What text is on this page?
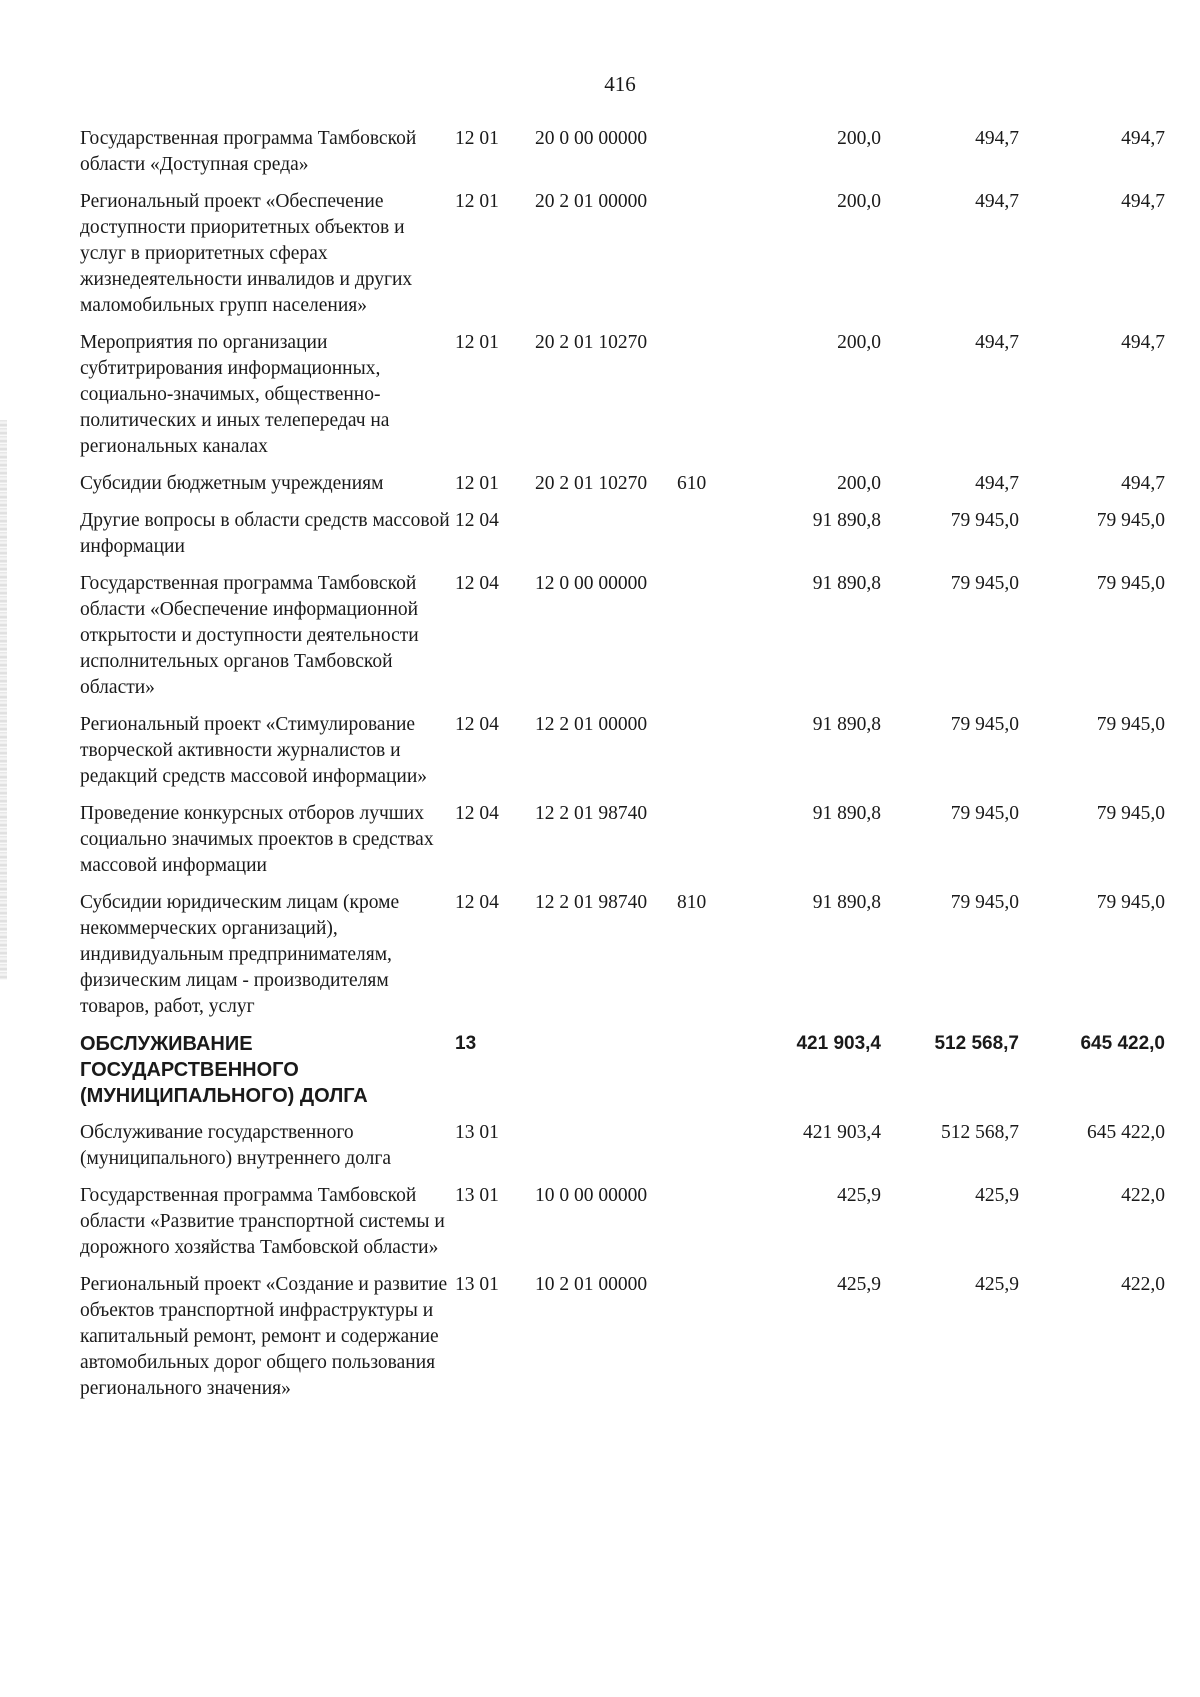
416
Государственная программа Тамбовской области «Доступная среда»	12 01	20 0 00 00000		200,0	494,7	494,7
Региональный проект «Обеспечение доступности приоритетных объектов и услуг в приоритетных сферах жизнедеятельности инвалидов и других маломобильных групп населения»	12 01	20 2 01 00000		200,0	494,7	494,7
Мероприятия по организации субтитрирования информационных, социально-значимых, общественно-политических и иных телепередач на региональных каналах	12 01	20 2 01 10270		200,0	494,7	494,7
Субсидии бюджетным учреждениям	12 01	20 2 01 10270	610	200,0	494,7	494,7
Другие вопросы в области средств массовой информации	12 04			91 890,8	79 945,0	79 945,0
Государственная программа Тамбовской области «Обеспечение информационной открытости и доступности деятельности исполнительных органов Тамбовской области»	12 04	12 0 00 00000		91 890,8	79 945,0	79 945,0
Региональный проект «Стимулирование творческой активности журналистов и редакций средств массовой информации»	12 04	12 2 01 00000		91 890,8	79 945,0	79 945,0
Проведение конкурсных отборов лучших социально значимых проектов в средствах массовой информации	12 04	12 2 01 98740		91 890,8	79 945,0	79 945,0
Субсидии юридическим лицам (кроме некоммерческих организаций), индивидуальным предпринимателям, физическим лицам - производителям товаров, работ, услуг	12 04	12 2 01 98740	810	91 890,8	79 945,0	79 945,0
ОБСЛУЖИВАНИЕ ГОСУДАРСТВЕННОГО (МУНИЦИПАЛЬНОГО) ДОЛГА	13			421 903,4	512 568,7	645 422,0
Обслуживание государственного (муниципального) внутреннего долга	13 01			421 903,4	512 568,7	645 422,0
Государственная программа Тамбовской области «Развитие транспортной системы и дорожного хозяйства Тамбовской области»	13 01	10 0 00 00000		425,9	425,9	422,0
Региональный проект «Создание и развитие объектов транспортной инфраструктуры и капитальный ремонт, ремонт и содержание автомобильных дорог общего пользования регионального значения»	13 01	10 2 01 00000		425,9	425,9	422,0
